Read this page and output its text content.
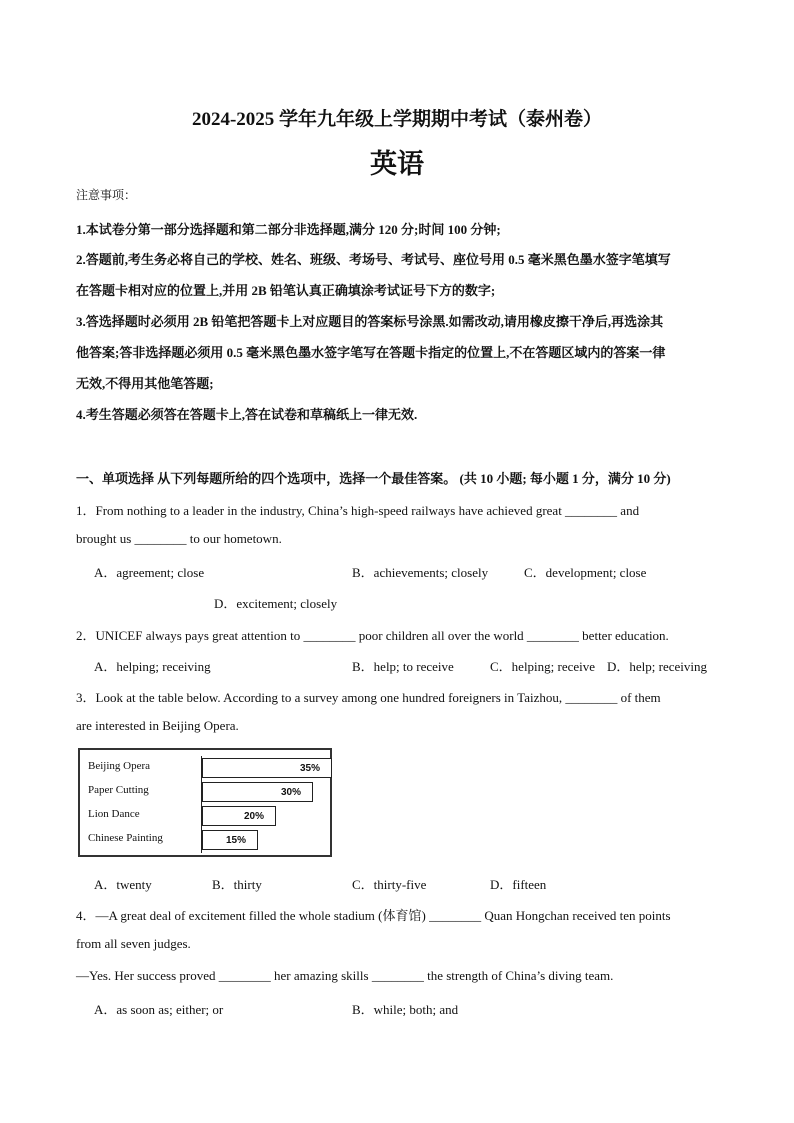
2024-2025 学年九年级上学期期中考试（泰州卷）
英语
注意事项：
1.本试卷分第一部分选择题和第二部分非选择题,满分 120 分;时间 100 分钟;
2.答题前,考生务必将自己的学校、姓名、班级、考场号、考试号、座位号用 0.5 毫米黑色墨水签字笔填写
在答题卡相对应的位置上,并用 2B 铅笔认真正确填涂考试证号下方的数字;
3.答选择题时必须用 2B 铅笔把答题卡上对应题目的答案标号涂黑.如需改动,请用橡皮擦干净后,再选涂其
他答案;答非选择题必须用 0.5 毫米黑色墨水签字笔写在答题卡指定的位置上,不在答题区域内的答案一律
无效,不得用其他笔答题;
4.考生答题必须答在答题卡上,答在试卷和草稿纸上一律无效.
一、单项选择 从下列每题所给的四个选项中，选择一个最佳答案。 (共 10 小题; 每小题 1 分，满分 10 分)
1．From nothing to a leader in the industry, China’s high-speed railways have achieved great ________ and
brought us ________ to our hometown.
A．agreement; close	B．achievements; closely	C．development; close
D．excitement; closely
2．UNICEF always pays great attention to ________ poor children all over the world ________ better education.
A．helping; receiving	B．help; to receive	C．helping; receive D．help; receiving
3．Look at the table below. According to a survey among one hundred foreigners in Taizhou, ________ of them
are interested in Beijing Opera.
Beijing Opera	35%
Paper Cutting	30%
Lion Dance	20%
Chinese Painting	15%
A．twenty	B．thirty	C．thirty-five	D．fifteen
4．—A great deal of excitement filled the whole stadium (体育馆) ________ Quan Hongchan received ten points
from all seven judges.
—Yes. Her success proved ________ her amazing skills ________ the strength of China’s diving team.
A．as soon as; either; or	B．while; both; and
